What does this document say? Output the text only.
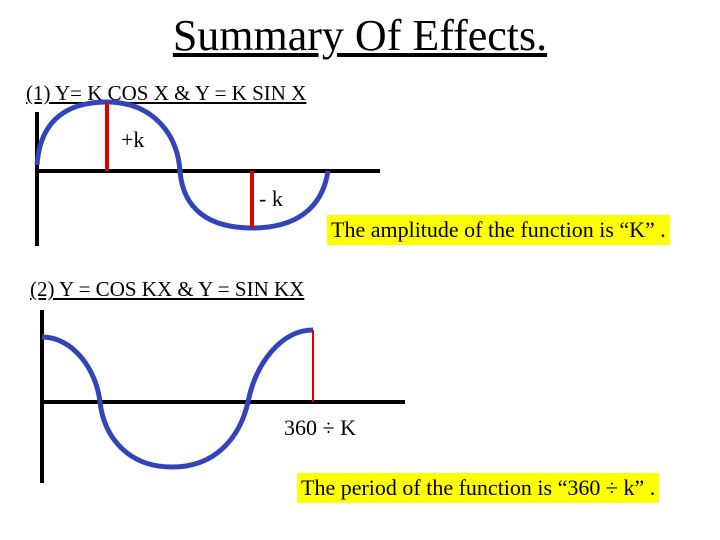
Summary Of Effects.
(1) Y= K COS X & Y = K SIN X
(2) Y = COS KX & Y = SIN KX
+k
- k
The amplitude of the function is “K” .
360 ÷ K
The period of the function is “360 ÷ k” .
